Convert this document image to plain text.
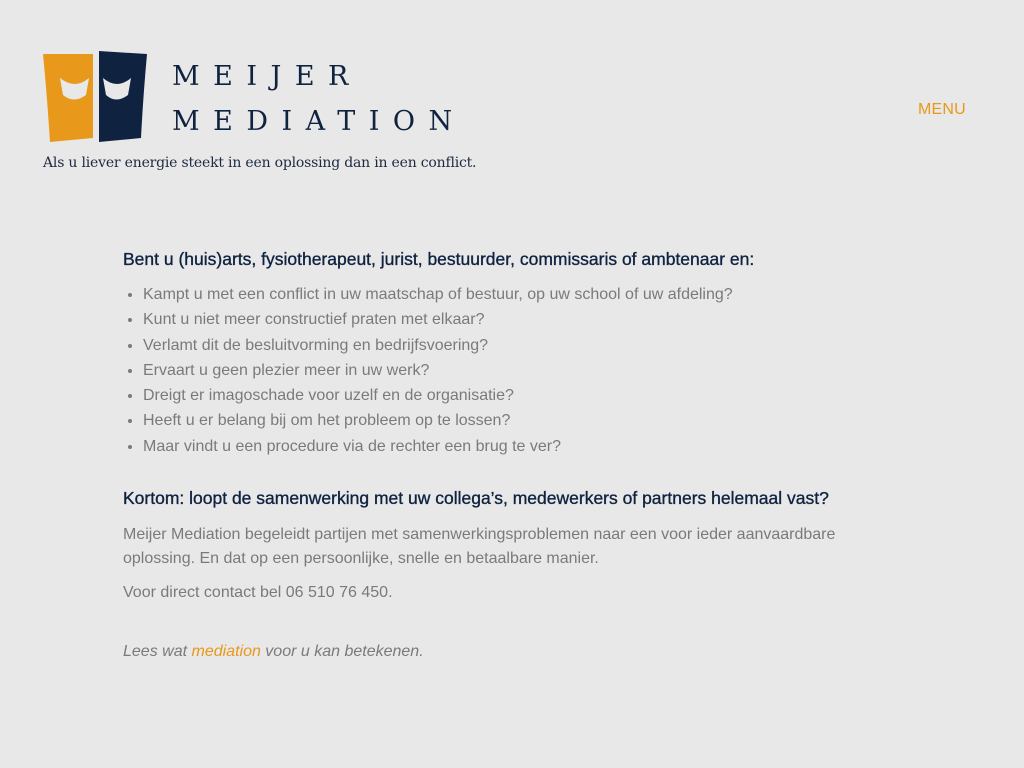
MEIJER
MEDIATION

Als u liever energie steekt in een oplossing dan in een conflict.

MENU
Bent u (huis)arts, fysiotherapeut, jurist, bestuurder, commissaris of ambtenaar en:
• Kampt u met een conflict in uw maatschap of bestuur, op uw school of uw afdeling?
• Kunt u niet meer constructief praten met elkaar?
• Verlamt dit de besluitvorming en bedrijfsvoering?
• Ervaart u geen plezier meer in uw werk?
• Dreigt er imagoschade voor uzelf en de organisatie?
• Heeft u er belang bij om het probleem op te lossen?
• Maar vindt u een procedure via de rechter een brug te ver?
Kortom: loopt de samenwerking met uw collega’s, medewerkers of partners helemaal vast?

Meijer Mediation begeleidt partijen met samenwerkingsproblemen naar een voor ieder aanvaardbare oplossing. En dat op een persoonlijke, snelle en betaalbare manier.

Voor direct contact bel 06 510 76 450.

Lees wat mediation voor u kan betekenen.
